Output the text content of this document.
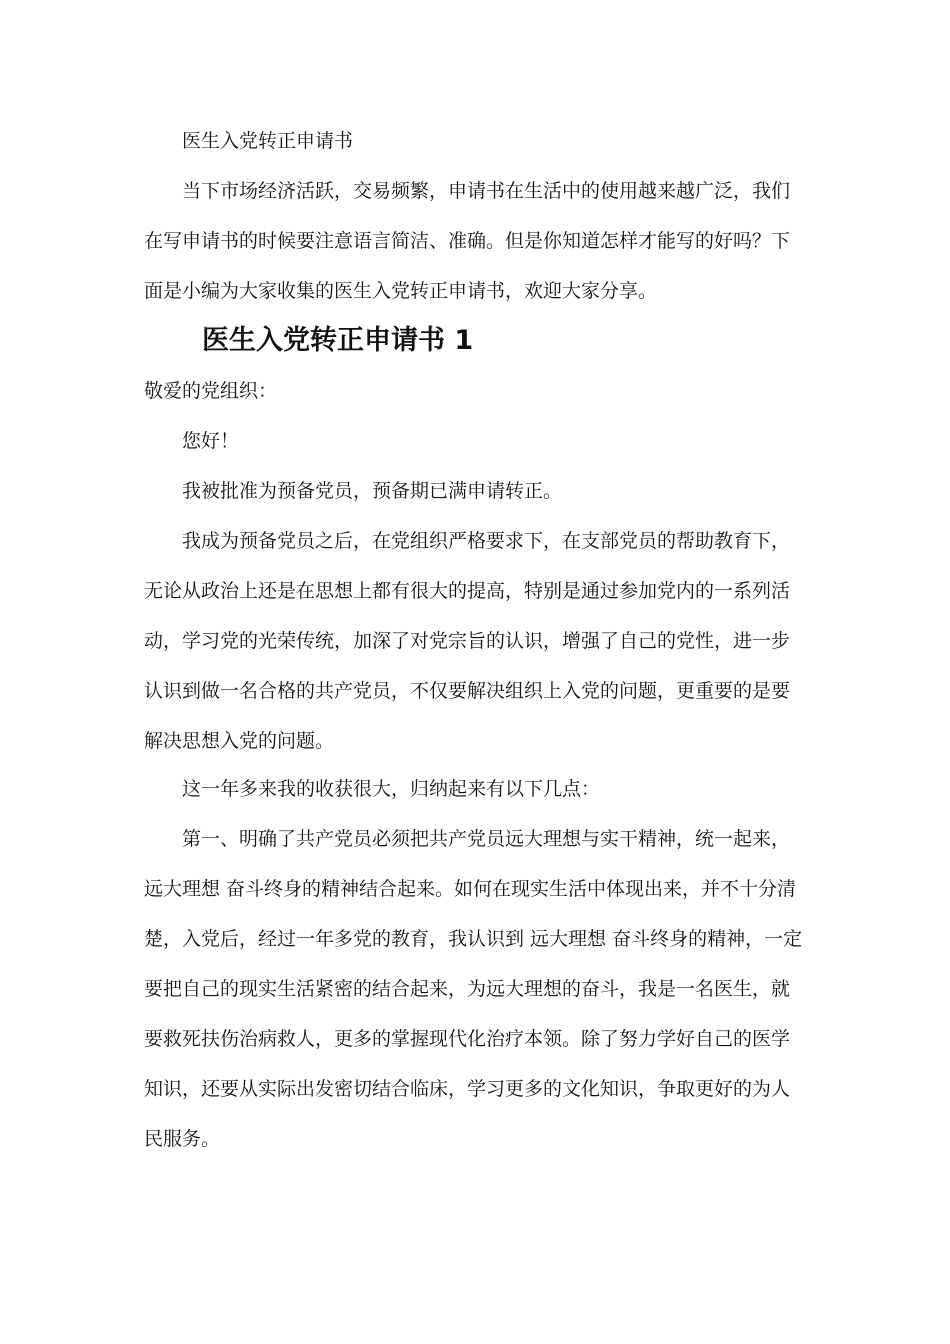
医生入党转正申请书
当下市场经济活跃，交易频繁，申请书在生活中的使用越来越广泛，我们
在写申请书的时候要注意语言简洁、准确。但是你知道怎样才能写的好吗？下
面是小编为大家收集的医生入党转正申请书，欢迎大家分享。
医生入党转正申请书 1
敬爱的党组织：
您好！
我被批准为预备党员，预备期已满申请转正。
我成为预备党员之后，在党组织严格要求下，在支部党员的帮助教育下，
无论从政治上还是在思想上都有很大的提高，特别是通过参加党内的一系列活
动，学习党的光荣传统，加深了对党宗旨的认识，增强了自己的党性，进一步
认识到做一名合格的共产党员，不仅要解决组织上入党的问题，更重要的是要
解决思想入党的问题。
这一年多来我的收获很大，归纳起来有以下几点：
第一、明确了共产党员必须把共产党员远大理想与实干精神，统一起来，
远大理想 奋斗终身的精神结合起来。如何在现实生活中体现出来，并不十分清
楚，入党后，经过一年多党的教育，我认识到 远大理想 奋斗终身的精神，一定
要把自己的现实生活紧密的结合起来，为远大理想的奋斗，我是一名医生，就
要救死扶伤治病救人，更多的掌握现代化治疗本领。除了努力学好自己的医学
知识，还要从实际出发密切结合临床，学习更多的文化知识，争取更好的为人
民服务。
